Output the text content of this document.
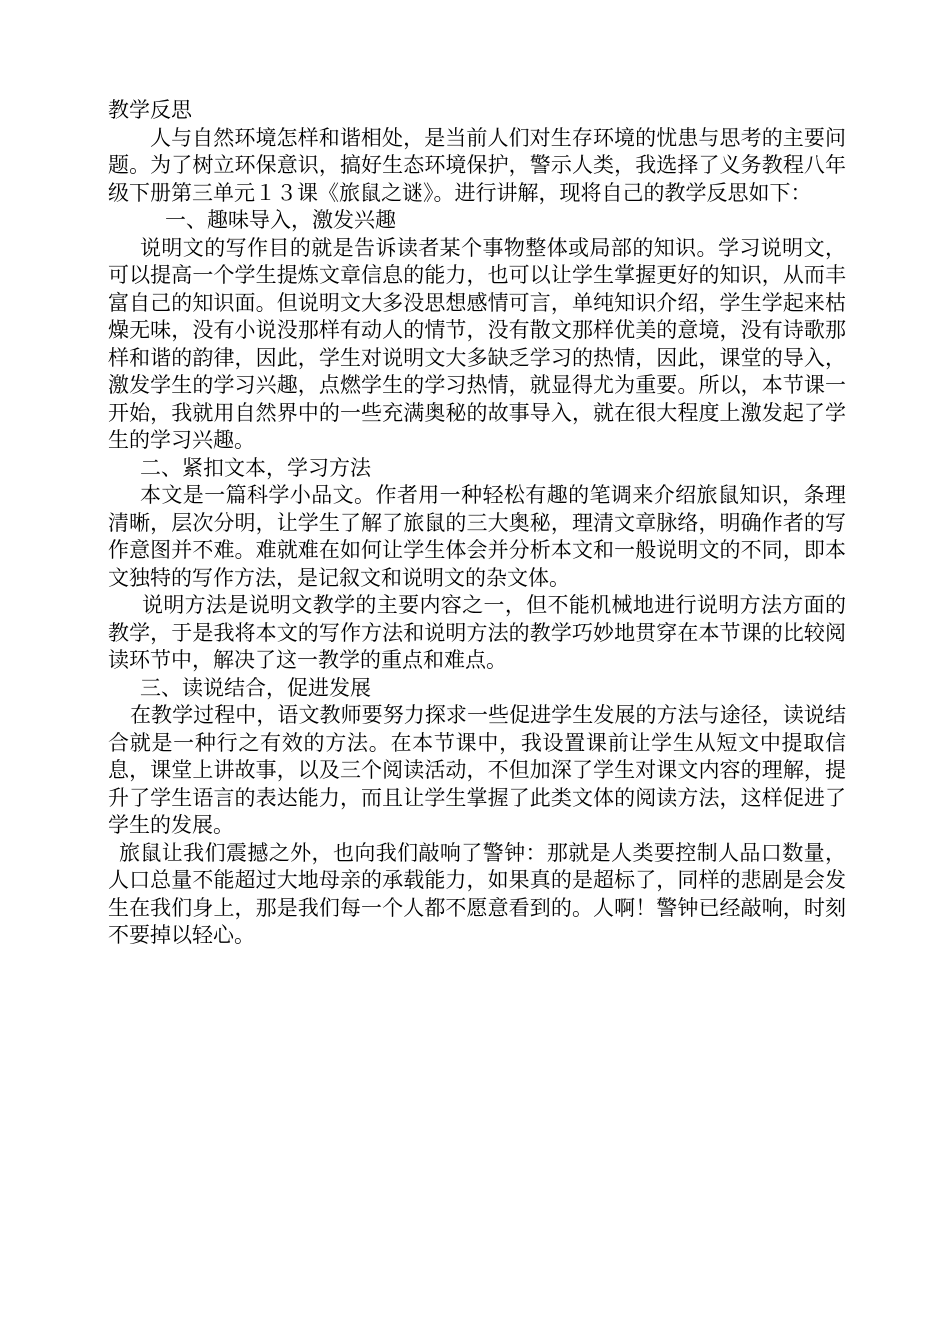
教学反思

人与自然环境怎样和谐相处，是当前人们对生存环境的忧患与思考的主要问题。为了树立环保意识，搞好生态环境保护，警示人类，我选择了义务教程八年级下册第三单元１３课《旅鼠之谜》。进行讲解，现将自己的教学反思如下：

一、趣味导入，激发兴趣

说明文的写作目的就是告诉读者某个事物整体或局部的知识。学习说明文，可以提高一个学生提炼文章信息的能力，也可以让学生掌握更好的知识，从而丰富自己的知识面。但说明文大多没思想感情可言，单纯知识介绍，学生学起来枯燥无味，没有小说没那样有动人的情节，没有散文那样优美的意境，没有诗歌那样和谐的韵律，因此，学生对说明文大多缺乏学习的热情，因此，课堂的导入，激发学生的学习兴趣，点燃学生的学习热情，就显得尤为重要。所以，本节课一开始，我就用自然界中的一些充满奥秘的故事导入，就在很大程度上激发起了学生的学习兴趣。

二、紧扣文本，学习方法

本文是一篇科学小品文。作者用一种轻松有趣的笔调来介绍旅鼠知识，条理清晰，层次分明，让学生了解了旅鼠的三大奥秘，理清文章脉络，明确作者的写作意图并不难。难就难在如何让学生体会并分析本文和一般说明文的不同，即本文独特的写作方法，是记叙文和说明文的杂文体。

说明方法是说明文教学的主要内容之一，但不能机械地进行说明方法方面的教学，于是我将本文的写作方法和说明方法的教学巧妙地贯穿在本节课的比较阅读环节中，解决了这一教学的重点和难点。

三、读说结合，促进发展

在教学过程中，语文教师要努力探求一些促进学生发展的方法与途径，读说结合就是一种行之有效的方法。在本节课中，我设置课前让学生从短文中提取信息，课堂上讲故事，以及三个阅读活动，不但加深了学生对课文内容的理解，提升了学生语言的表达能力，而且让学生掌握了此类文体的阅读方法，这样促进了学生的发展。

旅鼠让我们震撼之外，也向我们敲响了警钟：那就是人类要控制人品口数量，人口总量不能超过大地母亲的承载能力，如果真的是超标了，同样的悲剧是会发生在我们身上，那是我们每一个人都不愿意看到的。人啊！警钟已经敲响，时刻不要掉以轻心。
